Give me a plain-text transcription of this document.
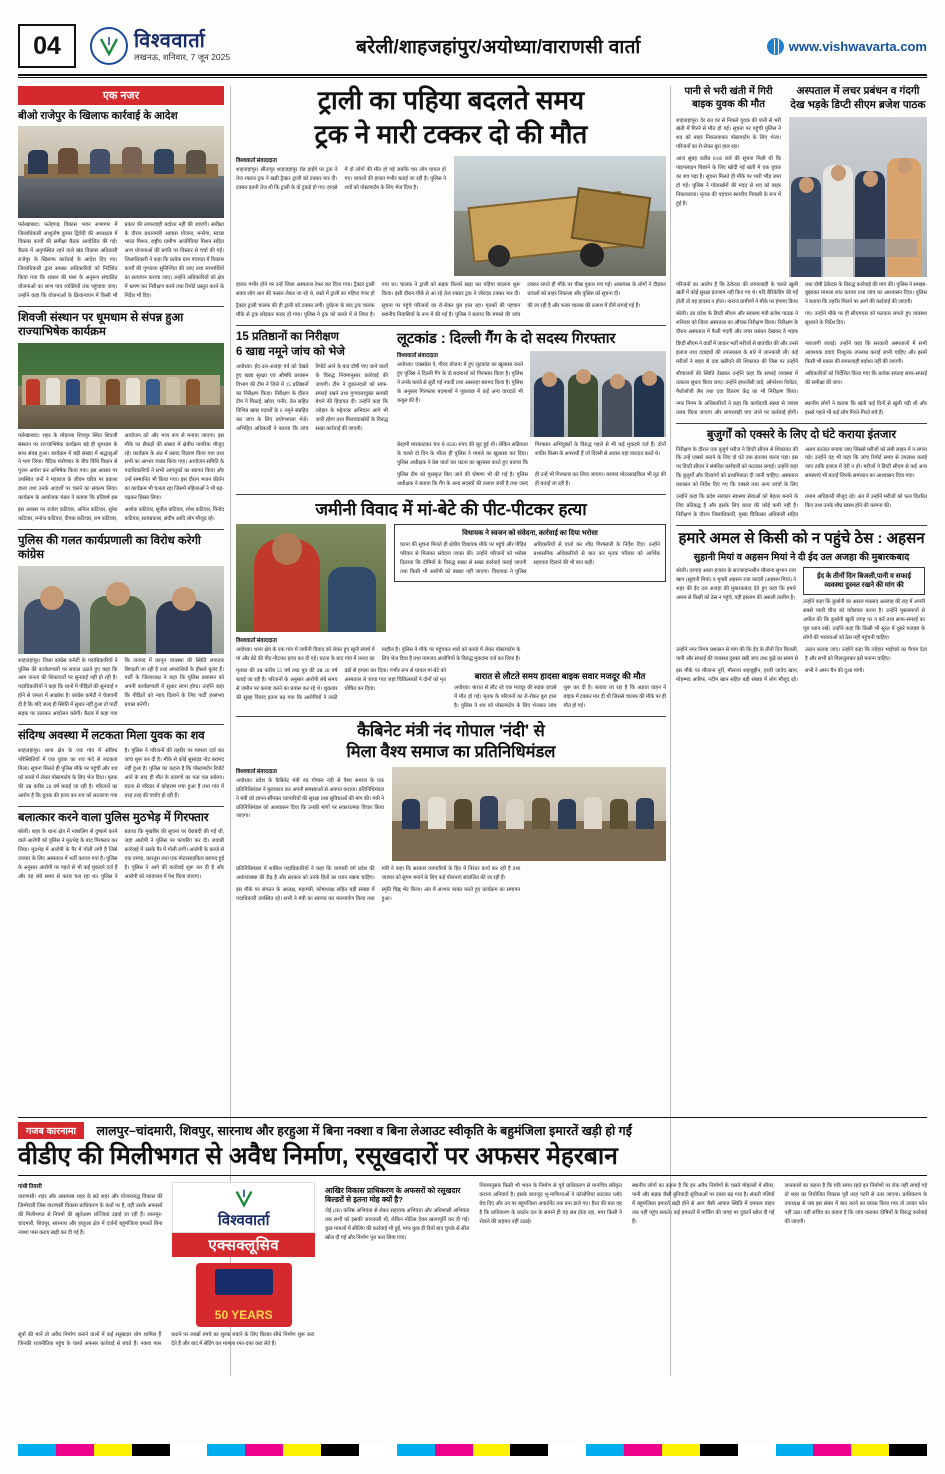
04	विश्ववार्ता
लखनऊ, शनिवार, 7 जून 2025	बरेली/शाहजहांपुर/अयोध्या/वाराणसी वार्ता	www.vishwavarta.com
एक नजर
बीओ राजेपुर के खिलाफ कार्रवाई के आदेश
फर्रुखाबाद। फतेहगढ़ विकास भवन सभागार में जिलाधिकारी आशुतोष कुमार द्विवेदी की अध्यक्षता में विकास कार्यों की समीक्षा बैठक आयोजित की गई। बैठक में अनुपस्थित रहने वाले खंड विकास अधिकारी राजेपुर के खिलाफ कार्रवाई के आदेश दिए गए। जिलाधिकारी द्वारा समस्त अधिकारियों को निर्देशित किया गया कि शासन की मंशा के अनुरूप संचालित योजनाओं का लाभ पात्र व्यक्तियों तक पहुंचाया जाए। उन्होंने कहा कि योजनाओं के क्रियान्वयन में किसी भी प्रकार की लापरवाही बर्दाश्त नहीं की जाएगी। समीक्षा के दौरान प्रधानमंत्री आवास योजना, मनरेगा, स्वच्छ भारत मिशन, राष्ट्रीय ग्रामीण आजीविका मिशन सहित अन्य योजनाओं की प्रगति पर विस्तार से चर्चा की गई। जिलाधिकारी ने कहा कि प्रत्येक ग्राम पंचायत में विकास कार्यों की गुणवत्ता सुनिश्चित की जाए तथा लाभार्थियों का सत्यापन कराया जाए। उन्होंने अधिकारियों को क्षेत्र में भ्रमण कर निरीक्षण करने तथा रिपोर्ट प्रस्तुत करने के निर्देश भी दिए।
शिवजी संस्थान पर धूमधाम से संपन्न हुआ राज्याभिषेक कार्यक्रम
फर्रुखाबाद। शहर के मोहल्ला शिवपुर स्थित शिवजी संस्थान पर राज्याभिषेक कार्यक्रम बड़े ही धूमधाम के साथ संपन्न हुआ। कार्यक्रम में बड़ी संख्या में श्रद्धालुओं ने भाग लिया। वैदिक मंत्रोच्चार के बीच विधि विधान से पूजन अर्चना कर अभिषेक किया गया। इस अवसर पर उपस्थित जनों ने महाराज के जीवन चरित्र पर प्रकाश डाला तथा उनके आदर्शों पर चलने का संकल्प लिया। कार्यक्रम के आयोजक मंडल ने बताया कि प्रतिवर्ष इस आयोजन को और भव्य रूप से मनाया जाएगा। इस मौके पर सैकड़ों की संख्या में क्षेत्रीय नागरिक मौजूद रहे। कार्यक्रम के अंत में प्रसाद वितरण किया गया तथा सभी का आभार व्यक्त किया गया। आयोजन समिति के पदाधिकारियों ने सभी आगंतुकों का स्वागत किया और उन्हें सम्मानित भी किया गया। इस दौरान भजन कीर्तन का कार्यक्रम भी चलता रहा जिसमें महिलाओं ने भी बढ़-चढ़कर हिस्सा लिया।
इस अवसर पर राजेश कटियार, अनिल कटियार, सुरेश कटियार, मनोज कटियार, दीपक कटियार, राम कटियार, अशोक कटियार, सुनील कटियार, रमेश कटियार, विनोद कटियार, सत्यप्रकाश, संदीप आदि लोग मौजूद रहे।
पुलिस की गलत कार्यप्रणाली का विरोध करेगी कांग्रेस
शाहजहांपुर। जिला कांग्रेस कमेटी के पदाधिकारियों ने पुलिस की कार्यप्रणाली पर सवाल उठाते हुए कहा कि आम जनता की शिकायतों पर सुनवाई नहीं हो रही है। पदाधिकारियों ने कहा कि थानों में पीड़ितों की सुनवाई न होने से जनता में आक्रोश है। कांग्रेस कमेटी ने चेतावनी दी है कि यदि जल्द ही स्थिति में सुधार नहीं हुआ तो पार्टी सड़क पर उतरकर आंदोलन करेगी। बैठक में कहा गया कि जनपद में कानून व्यवस्था की स्थिति लगातार बिगड़ती जा रही है तथा अपराधियों के हौसले बुलंद हैं। पार्टी के जिलाध्यक्ष ने कहा कि पुलिस प्रशासन को अपनी कार्यप्रणाली में सुधार लाना होगा। उन्होंने कहा कि पीड़ितों को न्याय दिलाने के लिए पार्टी हरसंभव प्रयास करेगी।
संदिग्ध अवस्था में लटकता मिला युवक का शव
शाहजहांपुर। थाना क्षेत्र के एक गांव में संदिग्ध परिस्थितियों में एक युवक का शव फंदे से लटकता मिला। सूचना मिलते ही पुलिस मौके पर पहुंची और शव को कब्जे में लेकर पोस्टमार्टम के लिए भेज दिया। मृतक की उम्र करीब 28 वर्ष बताई जा रही है। परिजनों का आरोप है कि युवक की हत्या कर शव को लटकाया गया है। पुलिस ने परिजनों की तहरीर पर मामला दर्ज कर जांच शुरू कर दी है। मौके से कोई सुसाइड नोट बरामद नहीं हुआ है। पुलिस का कहना है कि पोस्टमार्टम रिपोर्ट आने के बाद ही मौत के कारणों का पता चल सकेगा। घटना से परिवार में कोहराम मचा हुआ है तथा गांव में तरह तरह की चर्चाएं हो रही हैं।
बलात्कार करने वाला पुलिस मुठभेड़ में गिरफ्तार
बरेली। शहर के थाना क्षेत्र में नाबालिग से दुष्कर्म करने वाले आरोपी को पुलिस ने मुठभेड़ के बाद गिरफ्तार कर लिया। मुठभेड़ में आरोपी के पैर में गोली लगी है जिसे उपचार के लिए अस्पताल में भर्ती कराया गया है। पुलिस के अनुसार आरोपी पर पहले से भी कई मुकदमे दर्ज हैं और वह लंबे समय से फरार चल रहा था। पुलिस ने बताया कि मुखबिर की सूचना पर घेराबंदी की गई थी, जहां आरोपी ने पुलिस पर फायरिंग कर दी। जवाबी कार्रवाई में उसके पैर में गोली लगी। आरोपी के कब्जे से एक तमंचा, कारतूस तथा एक मोटरसाइकिल बरामद हुई है। पुलिस ने आगे की कार्रवाई शुरू कर दी है और आरोपी को न्यायालय में पेश किया जाएगा।
ट्राली का पहिया बदलते समय
ट्रक ने मारी टक्कर दो की मौत
विश्ववार्ता संवाददाता
शाहजहांपुर। सीतापुर शाहजहांपुर रोड हाईवे पर ट्रक ने तेज रफ्तार ट्रक ने खड़ी ट्रैक्टर ट्राली को टक्कर मार दी। टक्कर इतनी तेज थी कि ट्राली के दो टुकड़े हो गए। हादसे में दो लोगों की मौत हो गई जबकि चार लोग घायल हो गए। घायलों की हालत गंभीर बताई जा रही है। पुलिस ने शवों को पोस्टमार्टम के लिए भेज दिया है।
हालत गंभीर होने पर उन्हें जिला अस्पताल रेफर कर दिया गया। ट्रैक्टर ट्राली सवार लोग धान की फसल लेकर जा रहे थे, रास्ते में ट्राली का पहिया पंचर हो गया था। चालक ने ट्राली को सड़क किनारे खड़ा कर पहिया बदलना शुरू किया। इसी दौरान पीछे से आ रहे तेज रफ्तार ट्रक ने जोरदार टक्कर मार दी। टक्कर लगते ही मौके पर चीख पुकार मच गई। आसपास के लोगों ने दौड़कर घायलों को बाहर निकाला और पुलिस को सूचना दी।
ट्रैक्टर ट्राली चालक की ही ट्राली को टक्कर लगी। दुर्घटना के बाद ट्रक चालक मौके से ट्रक छोड़कर फरार हो गया। पुलिस ने ट्रक को कब्जे में ले लिया है। सूचना पर पहुंचे परिजनों का रो-रोकर बुरा हाल रहा। मृतकों की पहचान स्थानीय निवासियों के रूप में की गई है। पुलिस ने बताया कि मामले की जांच की जा रही है और फरार चालक की तलाश में टीमें लगाई गई हैं।
15 प्रतिष्ठानों का निरीक्षण
6 खाद्य नमूने जांच को भेजे
अयोध्या। ईद-उल-अजहा पर्व को देखते हुए खाद्य सुरक्षा एवं औषधि प्रशासन विभाग की टीम ने जिले में 15 प्रतिष्ठानों का निरीक्षण किया। निरीक्षण के दौरान टीम ने मिठाई, खोवा, पनीर, तेल सहित विभिन्न खाद्य पदार्थों के 6 नमूने संग्रहित कर जांच के लिए प्रयोगशाला भेजे। अभिहित अधिकारी ने बताया कि जांच रिपोर्ट आने के बाद दोषी पाए जाने वालों के विरुद्ध नियमानुसार कार्रवाई की जाएगी। टीम ने दुकानदारों को साफ-सफाई रखने तथा गुणवत्तायुक्त सामग्री बेचने की हिदायत दी। उन्होंने कहा कि त्योहार के मद्देनजर अभियान आगे भी जारी रहेगा तथा मिलावटखोरों के विरुद्ध सख्त कार्रवाई की जाएगी।
लूटकांड : दिल्ली गैंग के दो सदस्य गिरफ्तार
विश्ववार्ता संवाददाता
अयोध्या। एक्सप्रेस वे, गौरव योजना में हुए लूटकांड का खुलासा करते हुए पुलिस ने दिल्ली गैंग के दो बदमाशों को गिरफ्तार किया है। पुलिस ने उनके कब्जे से लूटी गई नकदी तथा असलहा बरामद किया है। पुलिस के अनुसार गिरफ्तार बदमाशों ने पूछताछ में कई अन्य वारदातें भी कबूल की हैं।
बेरहमी मारकाटकर चार थे 8500 रुपए की लूट हुई थी। लेकिन सक्रियता के चलते दो दिन के भीतर ही पुलिस ने मामले का खुलासा कर दिया। पुलिस अधीक्षक ने प्रेस वार्ता कर घटना का खुलासा करते हुए बताया कि गिरफ्तार अभियुक्तों के विरुद्ध पहले से भी कई मुकदमे दर्ज हैं। दोनों शातिर किस्म के अपराधी हैं जो दिल्ली से आकर यहां वारदात करते थे।
पुलिस टीम को पुरस्कृत किए जाने की घोषणा भी की गई है। पुलिस अधीक्षक ने बताया कि गैंग के अन्य सदस्यों की तलाश जारी है तथा जल्द ही उन्हें भी गिरफ्तार कर लिया जाएगा। बरामद मोटरसाइकिल भी लूट की ही बताई जा रही है।
जमीनी विवाद में मां-बेटे की पीट-पीटकर हत्या
विधायक ने स्वजन को संवेदना, कार्रवाई का दिया भरोसा
घटना की सूचना मिलते ही क्षेत्रीय विधायक मौके पर पहुंचे और पीड़ित परिवार से मिलकर संवेदना व्यक्त की। उन्होंने परिजनों को भरोसा दिलाया कि दोषियों के विरुद्ध सख्त से सख्त कार्रवाई कराई जाएगी तथा किसी भी आरोपी को बख्शा नहीं जाएगा। विधायक ने पुलिस अधिकारियों से वार्ता कर शीघ्र गिरफ्तारी के निर्देश दिए। उन्होंने प्रशासनिक अधिकारियों से बात कर मृतक परिवार को आर्थिक सहायता दिलाने की भी बात कही।
विश्ववार्ता संवाददाता
अयोध्या। थाना क्षेत्र के एक गांव में जमीनी विवाद को लेकर हुए खूनी संघर्ष में मां और बेटे की पीट-पीटकर हत्या कर दी गई। घटना के बाद गांव में तनाव का माहौल है। पुलिस ने मौके पर पहुंचकर शवों को कब्जे में लेकर पोस्टमार्टम के लिए भेज दिया है तथा नामजद आरोपियों के विरुद्ध मुकदमा दर्ज कर लिया है।
मृतका की उम्र करीब 55 वर्ष तथा पुत्र की उम्र 28 वर्ष बताई जा रही है। परिजनों के अनुसार आरोपी लंबे समय से जमीन पर कब्जा करने का प्रयास कर रहे थे। शुक्रवार की सुबह विवाद इतना बढ़ गया कि आरोपियों ने लाठी डंडों से हमला कर दिया। गंभीर रूप से घायल मां-बेटे को अस्पताल ले जाया गया जहां चिकित्सकों ने दोनों को मृत घोषित कर दिया।
बारात से लौटते समय हादसा बाइक सवार मजदूर की मौत
अयोध्या। बारात से लौट रहे एक मजदूर की सड़क हादसे में मौत हो गई। मृतक के परिजनों का रो-रोकर बुरा हाल है। पुलिस ने शव को पोस्टमार्टम के लिए भेजकर जांच शुरू कर दी है। बताया जा रहा है कि अज्ञात वाहन ने बाइक में टक्कर मार दी थी जिससे चालक की मौके पर ही मौत हो गई।
कैबिनेट मंत्री नंद गोपाल 'नंदी' से
मिला वैश्य समाज का प्रतिनिधिमंडल
विश्ववार्ता संवाददाता
अयोध्या। प्रदेश के कैबिनेट मंत्री नंद गोपाल नंदी से वैश्य समाज के एक प्रतिनिधिमंडल ने मुलाकात कर अपनी समस्याओं से अवगत कराया। प्रतिनिधिमंडल ने मंत्री को ज्ञापन सौंपकर व्यापारियों की सुरक्षा तथा सुविधाओं की मांग की। मंत्री ने प्रतिनिधिमंडल को आश्वासन दिया कि उनकी मांगों पर सकारात्मक विचार किया जाएगा।
प्रतिनिधिमंडल में शामिल पदाधिकारियों ने कहा कि व्यापारी वर्ग प्रदेश की अर्थव्यवस्था की रीढ़ है और सरकार को उनके हितों का ध्यान रखना चाहिए। मंत्री ने कहा कि सरकार व्यापारियों के हित में निरंतर कार्य कर रही है तथा व्यापार को सुगम बनाने के लिए कई योजनाएं संचालित की जा रही हैं।
इस मौके पर संगठन के अध्यक्ष, महामंत्री, कोषाध्यक्ष सहित बड़ी संख्या में पदाधिकारी उपस्थित रहे। सभी ने मंत्री का स्वागत कर माल्यार्पण किया तथा स्मृति चिह्न भेंट किया। अंत में आभार व्यक्त करते हुए कार्यक्रम का समापन हुआ।
पानी से भरी खंती में गिरी
बाइक युवक की मौत
अस्पताल में लचर प्रबंधन व गंदगी
देख भड़के डिप्टी सीएम ब्रजेश पाठक
शाहजहांपुर। देर रात घर से निकले युवक की पानी से भरी खंती में गिरने से मौत हो गई। सूचना पर पहुंची पुलिस ने शव को बाहर निकलवाकर पोस्टमार्टम के लिए भेजा। परिजनों का रो-रोकर बुरा हाल रहा।
आज सुबह करीब 8:00 बजे की सूचना मिली थी कि पाइपलाइन बिछाने के लिए खोदी गई खंती में एक युवक का शव पड़ा है। सूचना मिलते ही मौके पर भारी भीड़ जमा हो गई। पुलिस ने गोताखोरों की मदद से शव को बाहर निकलवाया। मृतक की पहचान स्थानीय निवासी के रूप में हुई है।
परिजनों का आरोप है कि ठेकेदार की लापरवाही के चलते खुली खंती में कोई सुरक्षा इंतजाम नहीं किए गए थे। यदि बैरिकेडिंग की गई होती तो यह हादसा न होता। नाराज ग्रामीणों ने मौके पर हंगामा किया तथा दोषी ठेकेदार के विरुद्ध कार्रवाई की मांग की। पुलिस ने समझा-बुझाकर मामला शांत कराया तथा जांच का आश्वासन दिया। पुलिस ने बताया कि तहरीर मिलने पर आगे की कार्रवाई की जाएगी।
बरेली। उप्र प्रदेश के डिप्टी सीएम और स्वास्थ्य मंत्री ब्रजेश पाठक ने शनिवार को जिला अस्पताल का औचक निरीक्षण किया। निरीक्षण के दौरान अस्पताल में फैली गंदगी और लचर प्रबंधन देखकर वे भड़क गए। उन्होंने मौके पर ही सीएमएस को फटकार लगाते हुए व्यवस्था सुधारने के निर्देश दिए।
डिप्टी सीएम ने वार्डों में जाकर भर्ती मरीजों से बातचीत की और उनसे इलाज तथा दवाइयों की उपलब्धता के बारे में जानकारी ली। कई मरीजों ने बाहर से दवा खरीदने की शिकायत की जिस पर उन्होंने नाराजगी जताई। उन्होंने कहा कि सरकारी अस्पतालों में सभी आवश्यक दवाएं निःशुल्क उपलब्ध कराई जानी चाहिए और इसमें किसी भी प्रकार की लापरवाही बर्दाश्त नहीं की जाएगी।
शौचालयों की स्थिति देखकर उन्होंने कहा कि सफाई व्यवस्था में तत्काल सुधार किया जाए। उन्होंने इमरजेंसी वार्ड, ऑपरेशन थियेटर, पैथोलॉजी लैब तथा दवा वितरण केंद्र का भी निरीक्षण किया। अधिकारियों को निर्देशित किया गया कि प्रत्येक सप्ताह साफ-सफाई की समीक्षा की जाए।
नगर निगम के अधिकारियों ने कहा कि कार्यदायी संस्था से जवाब तलब किया जाएगा और लापरवाही पाए जाने पर कार्रवाई होगी। स्थानीय लोगों ने बताया कि खंती कई दिनों से खुली पड़ी थी और इससे पहले भी कई लोग गिरते-गिरते बचे हैं।
बुजुर्गों को एक्सरे के लिए दो घंटे कराया इंतजार
निरीक्षण के दौरान एक बुजुर्ग मरीज ने डिप्टी सीएम से शिकायत की कि उन्हें एक्सरे कराने के लिए दो घंटे तक इंतजार करना पड़ा। इस पर डिप्टी सीएम ने संबंधित कर्मचारी को फटकार लगाई। उन्होंने कहा कि बुजुर्गों और दिव्यांगों को प्राथमिकता दी जानी चाहिए। अस्पताल प्रशासन को निर्देश दिए गए कि एक्सरे तथा अन्य जांचों के लिए अलग काउंटर बनाया जाए जिससे मरीजों को लंबी लाइन में न लगना पड़े। उन्होंने यह भी कहा कि जांच रिपोर्ट समय से उपलब्ध कराई जाए ताकि इलाज में देरी न हो। मरीजों ने डिप्टी सीएम से कई अन्य समस्याएं भी बताईं जिनके समाधान का आश्वासन दिया गया।
उन्होंने कहा कि प्रदेश सरकार स्वास्थ्य सेवाओं को बेहतर बनाने के लिए प्रतिबद्ध है और इसके लिए बजट की कोई कमी नहीं है। निरीक्षण के दौरान जिलाधिकारी, मुख्य चिकित्सा अधिकारी सहित तमाम अधिकारी मौजूद रहे। अंत में उन्होंने मरीजों को फल वितरित किए तथा उनके शीघ्र स्वस्थ होने की कामना की।
हमारे अमल से किसी को न पहुंचे ठेस : अहसन
सुहानी मियां व अहसन मियां ने दी ईद उल अजहा की मुबारकबाद
बरेली। दरगाह आला हजरत के सज्जादानशीन मौलाना सुभान रजा खान (सुहानी मियां) व मुफ्ती अहसन रजा कादरी (अहसन मियां) ने शहर की ईद उल अजहा की मुबारकबाद देते हुए कहा कि हमारे अमल से किसी को ठेस न पहुंचे, यही इस्लाम की असली तालीम है।
ईद के तीनों दिन बिजली,पानी व सफाई व्यवस्था दुरुस्त रखने की मांग की
उन्होंने कहा कि कुर्बानी का असल मकसद अल्लाह की राह में अपनी सबसे प्यारी चीज को न्योछावर करना है। उन्होंने मुसलमानों से अपील की कि कुर्बानी खुली जगह पर न करें तथा साफ-सफाई का पूरा ध्यान रखें। उन्होंने कहा कि किसी भी सूरत में दूसरे मजहब के लोगों की भावनाओं को ठेस नहीं पहुंचनी चाहिए।
उन्होंने नगर निगम प्रशासन से मांग की कि ईद के तीनों दिन बिजली, पानी और सफाई की व्यवस्था दुरुस्त रखी जाए तथा कूड़े का समय से उठान कराया जाए। उन्होंने कहा कि त्योहार भाईचारे का पैगाम देता है और सभी को मिलजुलकर इसे मनाना चाहिए।
इस मौके पर मौलाना नूरी, मौलाना शहाबुद्दीन, हाजी जावेद खान, मोहम्मद आरिफ, नदीम खान सहित बड़ी संख्या में लोग मौजूद रहे। सभी ने अमन चैन की दुआ मांगी।
गजब कारनामा लालपुर–चांदमारी, शिवपुर, सारनाथ और हरहुआ में बिना नक्शा व बिना लेआउट स्वीकृति के बहुमंजिला इमारतें खड़ी हो गईं
वीडीए की मिलीभगत से अवैध निर्माण, रसूखदारों पर अफसर मेहरबान
गांधी तिवारी
वाराणसी। शहर और आसपास शहर के सटे शहर और योजनाबद्ध विकास की जिम्मेदारी जिस वाराणसी विकास प्राधिकरण के कंधों पर है, वहीं उसके अफसरों की मिलीभगत से नियमों की खुलेआम धज्जियां उड़ाई जा रही हैं। लालपुर-चांदमारी, शिवपुर, सारनाथ और हरहुआ क्षेत्र में दर्जनों बहुमंजिला इमारतें बिना नक्शा पास कराए खड़ी कर दी गई हैं।
विश्ववार्ता
एक्सक्लूसिव
50 YEARS
आखिर विकास प्राधिकरण के अफसरों को रसूखदार बिल्डरों से इतना मोह क्यों है?
जेई (JB) कनिष्ठ अभियंता से लेकर सहायक अभियंता और अधिशासी अभियंता तक सभी को इसकी जानकारी थी, लेकिन नोटिस देकर खानापूर्ति कर दी गई। कुछ मामलों में सीलिंग की कार्रवाई भी हुई, मगर कुछ ही दिनों बाद चुपके से सील खोल दी गई और निर्माण पूरा करा लिया गया।
नियमानुसार किसी भी भवन के निर्माण से पूर्व प्राधिकरण से मानचित्र स्वीकृत कराना अनिवार्य है। इसके बावजूद भू-माफियाओं ने कॉलोनियां काटकर प्लॉट बेच दिए और उन पर बहुमंजिला अपार्टमेंट तक बना डाले गए। हैरत की बात यह है कि प्राधिकरण के प्रवर्तन दल के सामने ही यह सब होता रहा, मगर किसी ने रोकने की जहमत नहीं उठाई।
स्थानीय लोगों का कहना है कि इन अवैध निर्माणों के चलते मोहल्लों में सीवर, पानी और सड़क जैसी बुनियादी सुविधाओं पर दबाव बढ़ गया है। संकरी गलियों में बहुमंजिला इमारतें खड़ी होने से आग जैसी आपात स्थिति में दमकल वाहन तक नहीं पहुंच सकते। कई इमारतों में पार्किंग की जगह पर दुकानें खोल दी गई हैं।
जानकारों का कहना है कि यदि समय रहते इन निर्माणों पर रोक नहीं लगाई गई तो शहर का नियोजित विकास पूरी तरह पटरी से उतर जाएगा। प्राधिकरण के उपाध्यक्ष से जब इस संबंध में बात करने का प्रयास किया गया तो उनका फोन नहीं उठा। वहीं सचिव का कहना है कि जांच कराकर दोषियों के विरुद्ध कार्रवाई की जाएगी।
सूत्रों की मानें तो अवैध निर्माण कराने वालों में कई रसूखदार लोग शामिल हैं जिनकी राजनीतिक पहुंच के चलते अफसर कार्रवाई से बचते हैं। नक्शा पास कराने पर लाखों रुपये का शुल्क बचाने के लिए बिल्डर सीधे निर्माण शुरू करा देते हैं और बाद में सेटिंग कर मामला रफा-दफा करा लेते हैं।
